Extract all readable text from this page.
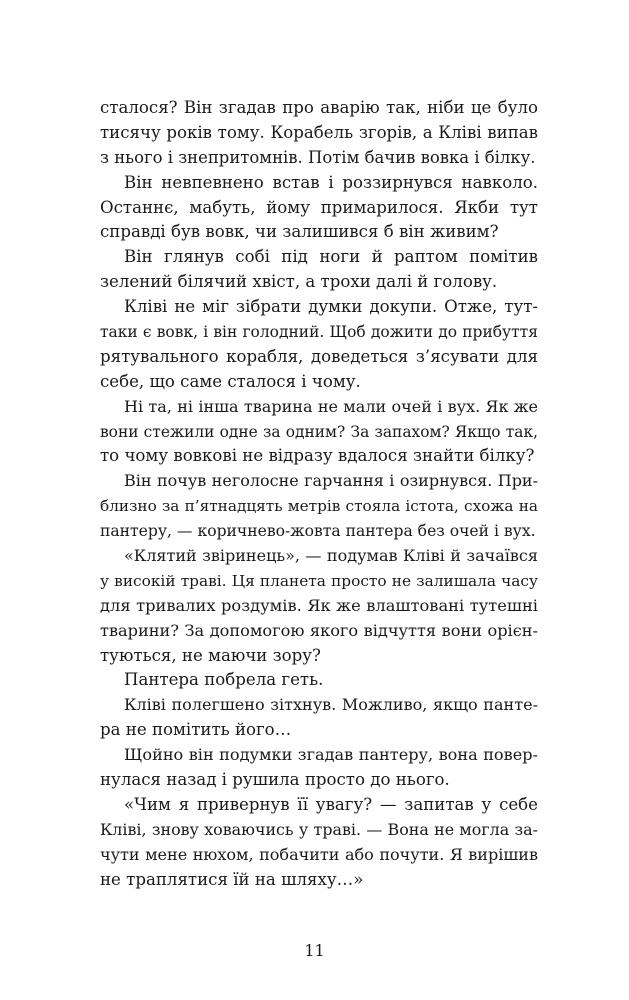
сталося? Він згадав про аварію так, ніби це було
тисячу років тому. Корабель згорів, а Кліві випав
з нього і знепритомнів. Потім бачив вовка і білку.
Він невпевнено встав і роззирнувся навколо.
Останнє, мабуть, йому примарилося. Якби тут
справді був вовк, чи залишився б він живим?
Він глянув собі під ноги й раптом помітив
зелений білячий хвіст, а трохи далі й голову.
Кліві не міг зібрати думки докупи. Отже, тут-
таки є вовк, і він голодний. Щоб дожити до прибуття
рятувального корабля, доведеться з’ясувати для
себе, що саме сталося і чому.
Ні та, ні інша тварина не мали очей і вух. Як же
вони стежили одне за одним? За запахом? Якщо так,
то чому вовкові не відразу вдалося знайти білку?
Він почув неголосне гарчання і озирнувся. При-
близно за п’ятнадцять метрів стояла істота, схожа на
пантеру, — коричнево-жовта пантера без очей і вух.
«Клятий звіринець», — подумав Кліві й зачаївся
у високій траві. Ця планета просто не залишала часу
для тривалих роздумів. Як же влаштовані тутешні
тварини? За допомогою якого відчуття вони орієн-
туються, не маючи зору?
Пантера побрела геть.
Кліві полегшено зітхнув. Можливо, якщо панте-
ра не помітить його…
Щойно він подумки згадав пантеру, вона повер-
нулася назад і рушила просто до нього.
«Чим я привернув її увагу? — запитав у себе
Кліві, знову ховаючись у траві. — Вона не могла за-
чути мене нюхом, побачити або почути. Я вирішив
не траплятися їй на шляху…»
11
